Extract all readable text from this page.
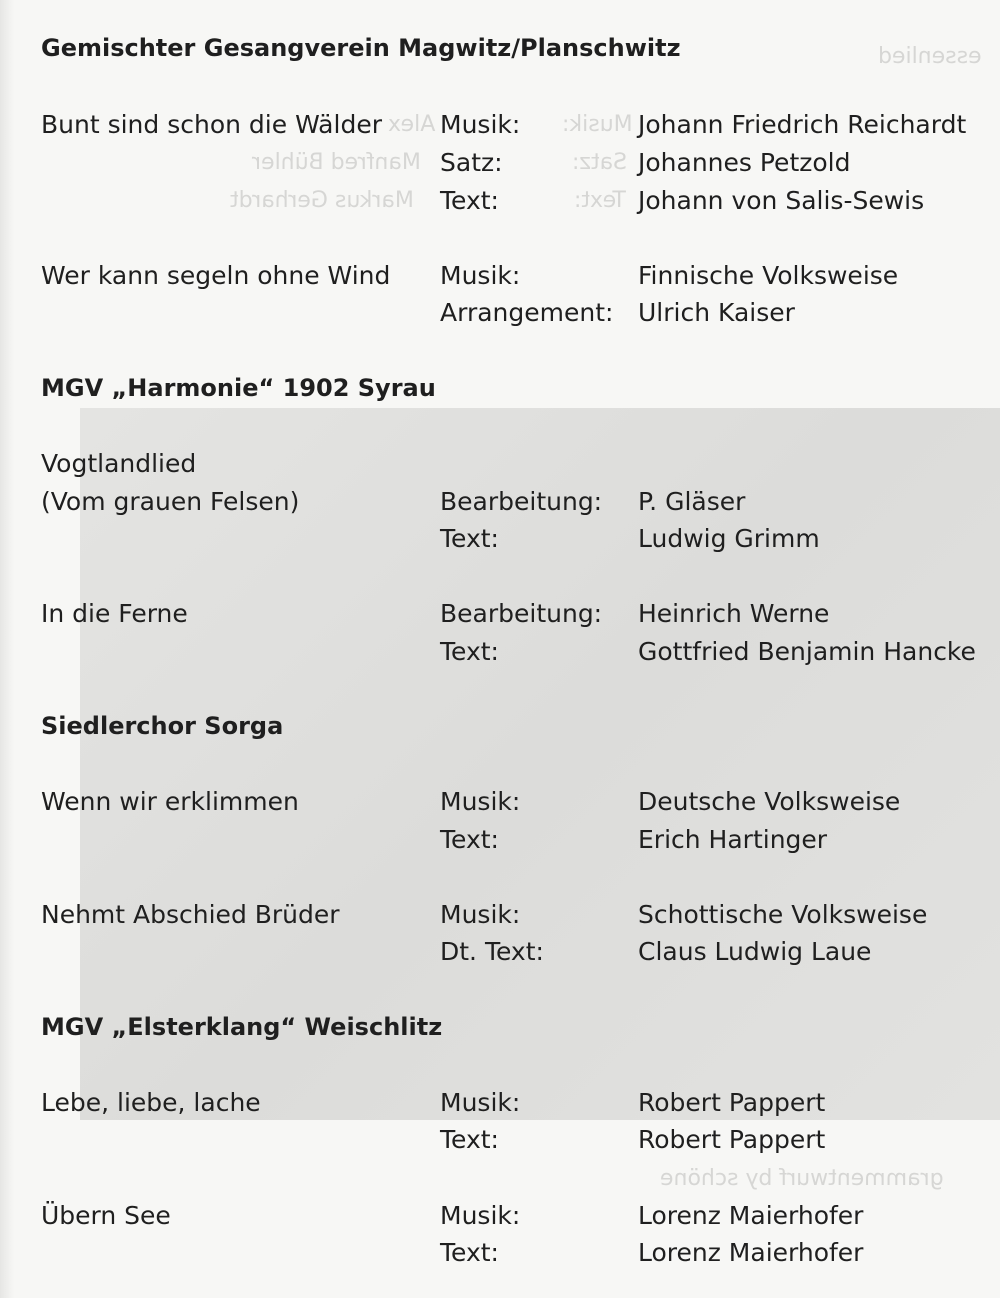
essenlied
Musik:
Alex
Satz:
Manfred Bühler
Text:
Markus Gerhardt
grammentwurf by schöne
Gemischter Gesangverein Magwitz/Planschwitz
Bunt sind schon die Wälder Musik:	Johann Friedrich Reichardt
Satz:	Johannes Petzold
Text:	Johann von Salis-Sewis
Wer kann segeln ohne Wind Musik:	Finnische Volksweise
Arrangement: Ulrich Kaiser
MGV „Harmonie“ 1902 Syrau
Vogtlandlied
(Vom grauen Felsen)	Bearbeitung: P. Gläser
Text:	Ludwig Grimm
In die Ferne	Bearbeitung: Heinrich Werne
Text:	Gottfried Benjamin Hancke
Siedlerchor Sorga
Wenn wir erklimmen	Musik:	Deutsche Volksweise
Text:	Erich Hartinger
Nehmt Abschied Brüder	Musik:	Schottische Volksweise
Dt. Text:	Claus Ludwig Laue
MGV „Elsterklang“ Weischlitz
Lebe, liebe, lache	Musik:	Robert Pappert
Text:	Robert Pappert
Übern See	Musik:	Lorenz Maierhofer
Text:	Lorenz Maierhofer
